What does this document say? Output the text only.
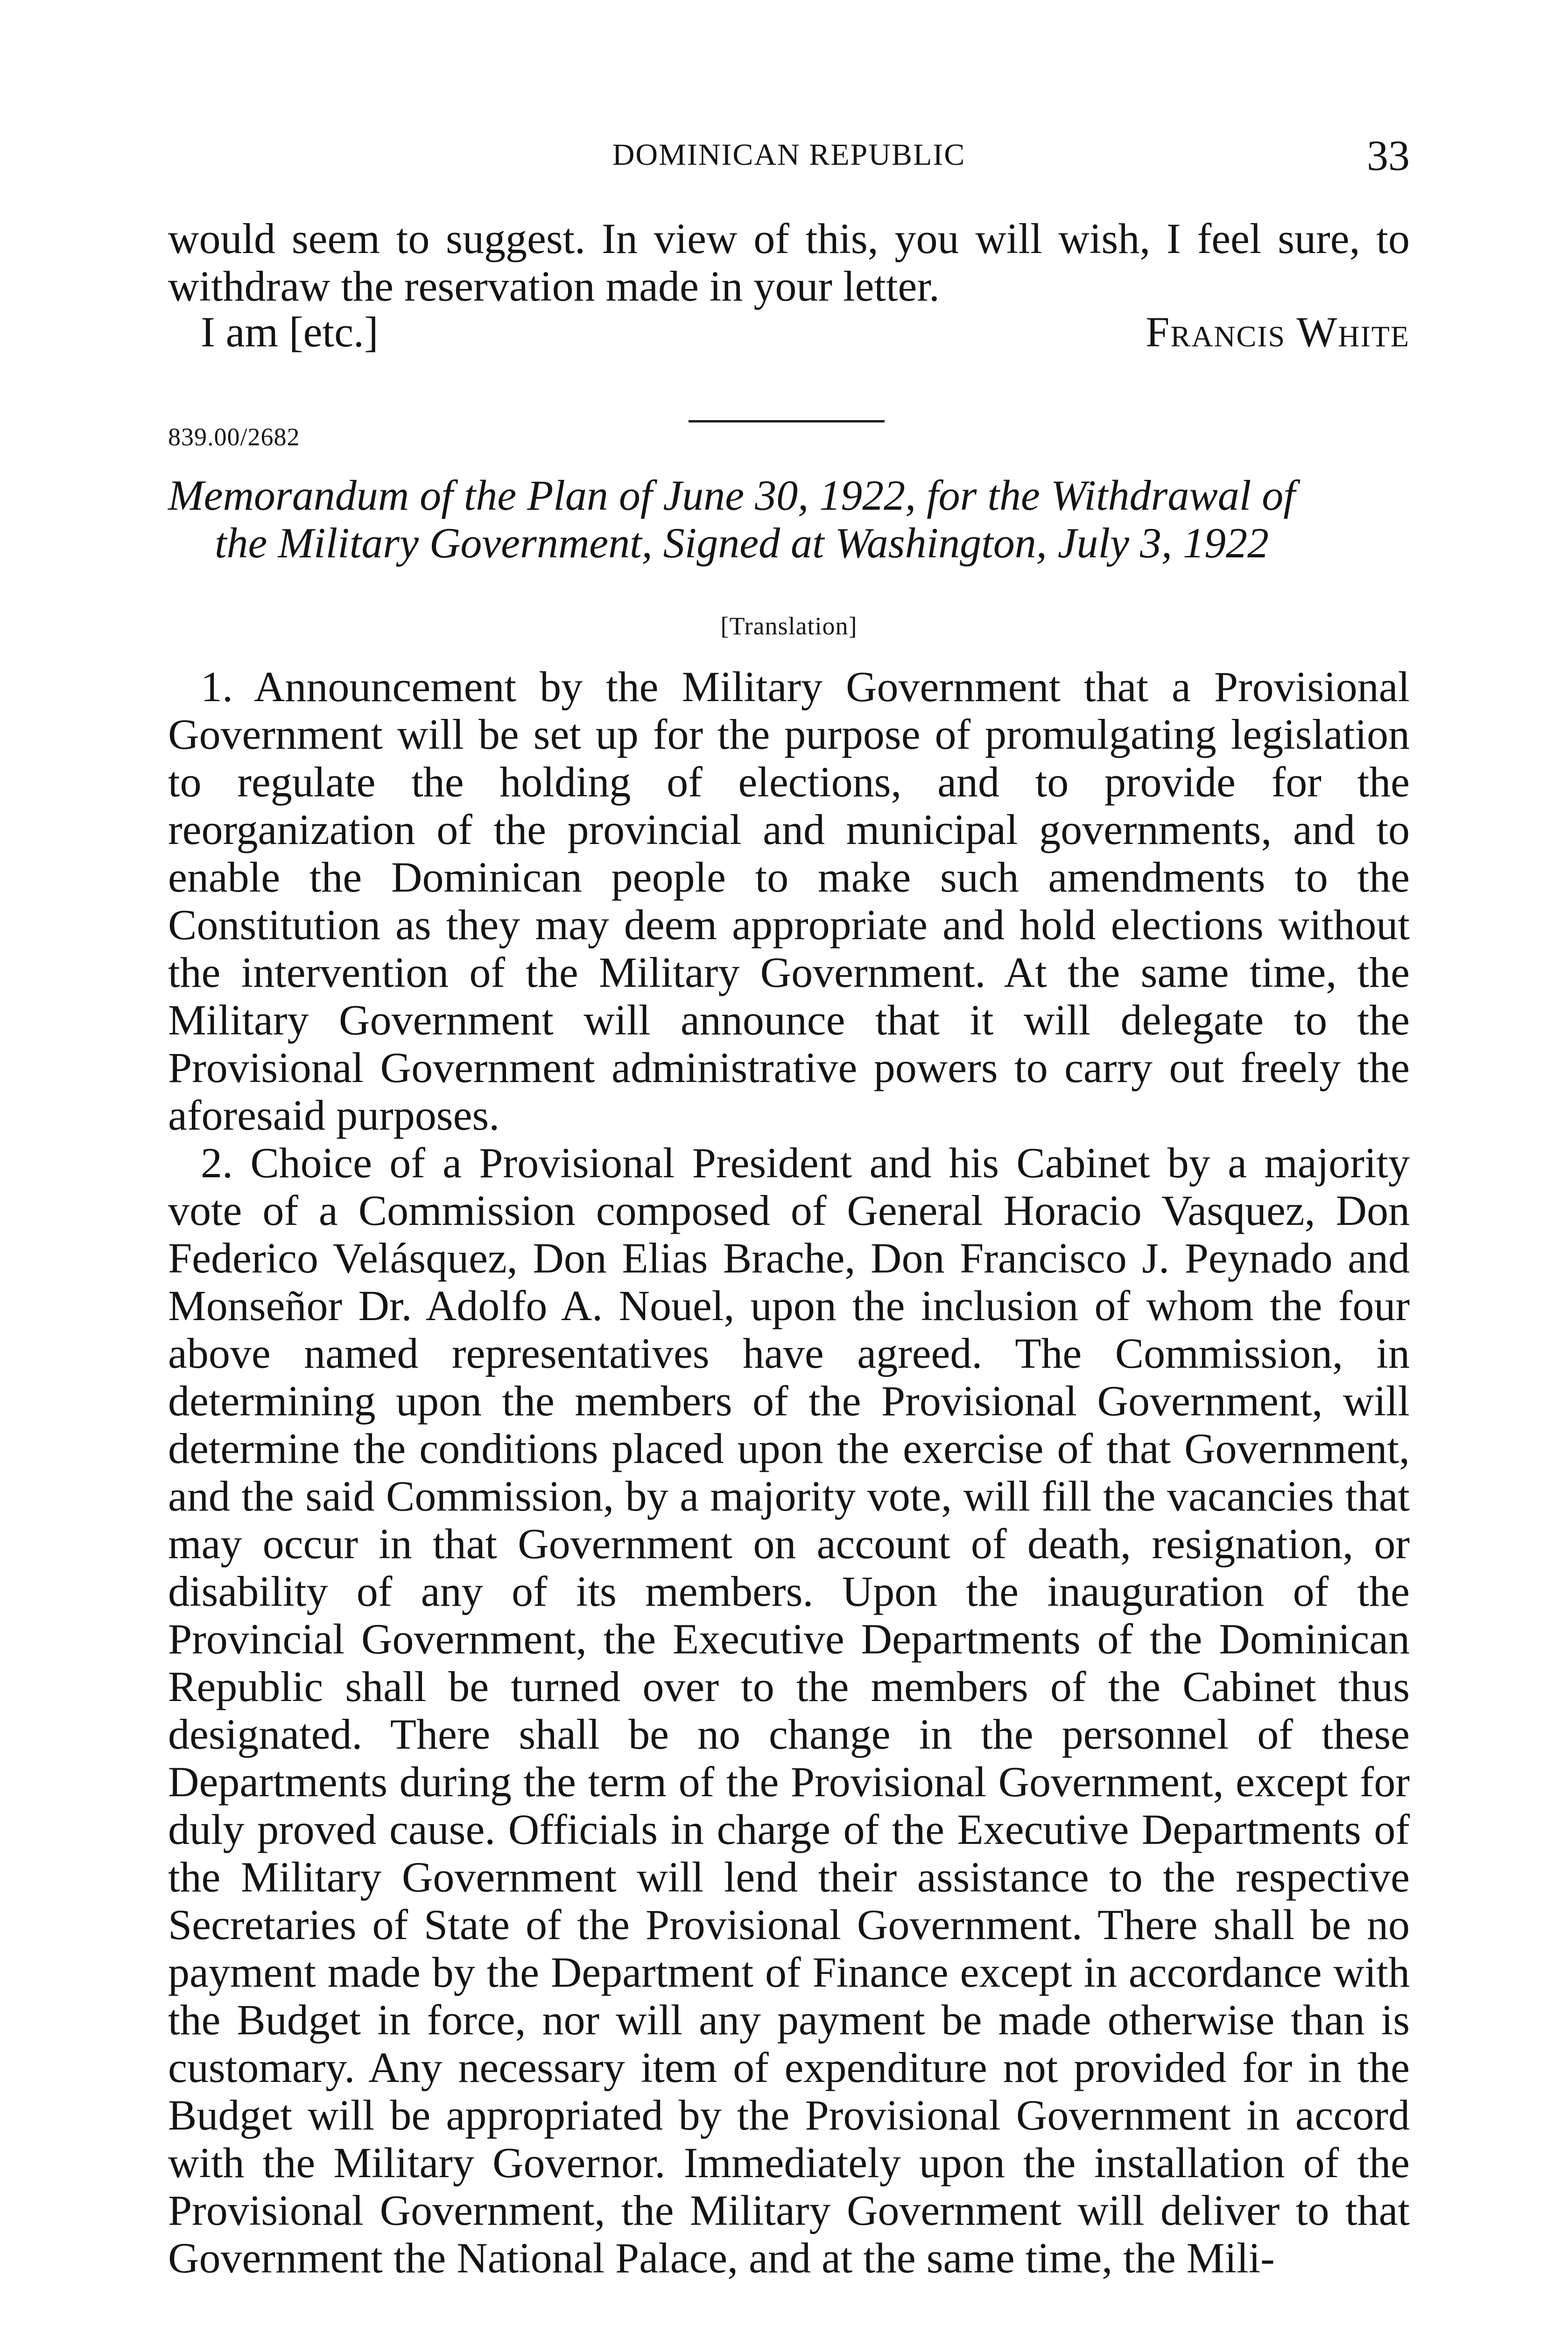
DOMINICAN REPUBLIC	33

would seem to suggest. In view of this, you will wish, I feel sure, to withdraw the reservation made in your letter.

I am [etc.]	Francis White
839.00/2682

Memorandum of the Plan of June 30, 1922, for the Withdrawal of
the Military Government, Signed at Washington, July 3, 1922

[Translation]

1. Announcement by the Military Government that a Provisional Government will be set up for the purpose of promulgating legislation to regulate the holding of elections, and to provide for the reorganization of the provincial and municipal governments, and to enable the Dominican people to make such amendments to the Constitution as they may deem appropriate and hold elections without the intervention of the Military Government. At the same time, the Military Government will announce that it will delegate to the Provisional Government administrative powers to carry out freely the aforesaid purposes.

2. Choice of a Provisional President and his Cabinet by a majority vote of a Commission composed of General Horacio Vasquez, Don Federico Velásquez, Don Elias Brache, Don Francisco J. Peynado and Monseñor Dr. Adolfo A. Nouel, upon the inclusion of whom the four above named representatives have agreed. The Commission, in determining upon the members of the Provisional Government, will determine the conditions placed upon the exercise of that Government, and the said Commission, by a majority vote, will fill the vacancies that may occur in that Government on account of death, resignation, or disability of any of its members. Upon the inauguration of the Provincial Government, the Executive Departments of the Dominican Republic shall be turned over to the members of the Cabinet thus designated. There shall be no change in the personnel of these Departments during the term of the Provisional Government, except for duly proved cause. Officials in charge of the Executive Departments of the Military Government will lend their assistance to the respective Secretaries of State of the Provisional Government. There shall be no payment made by the Department of Finance except in accordance with the Budget in force, nor will any payment be made otherwise than is customary. Any necessary item of expenditure not provided for in the Budget will be appropriated by the Provisional Government in accord with the Military Governor. Immediately upon the installation of the Provisional Government, the Military Government will deliver to that Government the National Palace, and at the same time, the Mili-
